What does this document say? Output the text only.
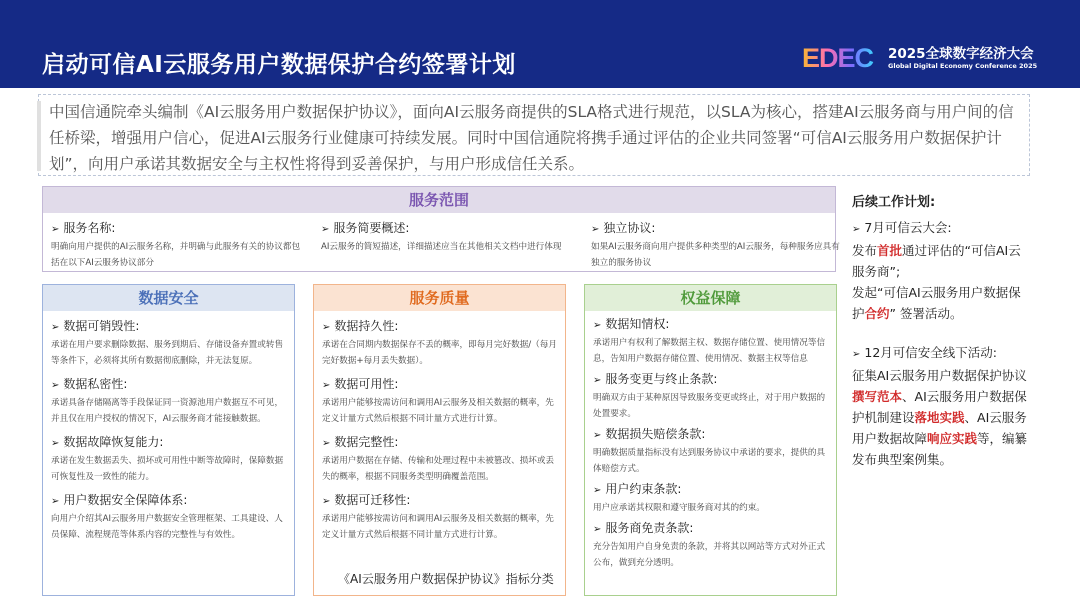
启动可信AI云服务用户数据保护合约签署计划	EDEC 2025全球数字经济大会
Global Digital Economy Conference 2025
中国信通院牵头编制《AI云服务用户数据保护协议》，面向AI云服务商提供的SLA格式进行规范，以SLA为核心，搭建AI云服务商与用户间的信任桥梁，增强用户信心，促进AI云服务行业健康可持续发展。同时中国信通院将携手通过评估的企业共同签署“可信AI云服务用户数据保护计划”，向用户承诺其数据安全与主权性将得到妥善保护，与用户形成信任关系。
服务范围
➢ 服务名称:
明确向用户提供的AI云服务名称，并明确与此服务有关的协议都包括在以下AI云服务协议部分
➢ 服务简要概述:
AI云服务的简短描述，详细描述应当在其他相关文档中进行体现
➢ 独立协议:
如果AI云服务商向用户提供多种类型的AI云服务，每种服务应具有独立的服务协议
数据安全
➢ 数据可销毁性:
承诺在用户要求删除数据、服务到期后、存储设备弃置或转售等条件下，必须将其所有数据彻底删除，并无法复原。
➢ 数据私密性:
承诺具备存储隔离等手段保证同一资源池用户数据互不可见，并且仅在用户授权的情况下，AI云服务商才能接触数据。
➢ 数据故障恢复能力:
承诺在发生数据丢失、损坏或可用性中断等故障时，保障数据可恢复性及一致性的能力。
➢ 用户数据安全保障体系:
向用户介绍其AI云服务用户数据安全管理框架、工具建设、人员保障、流程规范等体系内容的完整性与有效性。
服务质量
➢ 数据持久性:
承诺在合同期内数据保存不丢的概率，即每月完好数据/（每月完好数据+每月丢失数据）。
➢ 数据可用性:
承诺用户能够按需访问和调用AI云服务及相关数据的概率，先定义计量方式然后根据不同计量方式进行计算。
➢ 数据完整性:
承诺用户数据在存储、传输和处理过程中未被篡改、损坏或丢失的概率，根据不同服务类型明确覆盖范围。
➢ 数据可迁移性:
承诺用户能够按需访问和调用AI云服务及相关数据的概率，先定义计量方式然后根据不同计量方式进行计算。
权益保障
➢ 数据知情权:
承诺用户有权利了解数据主权、数据存储位置、使用情况等信息，告知用户数据存储位置、使用情况、数据主权等信息
➢ 服务变更与终止条款:
明确双方由于某种原因导致服务变更或终止，对于用户数据的处置要求。
➢ 数据损失赔偿条款:
明确数据质量指标没有达到服务协议中承诺的要求，提供的具体赔偿方式。
➢ 用户约束条款:
用户应承诺其权限和遵守服务商对其的约束。
➢ 服务商免责条款:
充分告知用户自身免责的条款，并将其以网站等方式对外正式公布，做到充分透明。
《AI云服务用户数据保护协议》指标分类
后续工作计划:

➢ 7月可信云大会:

发布首批通过评估的“可信AI云服务商”;

发起“可信AI云服务用户数据保护合约” 签署活动。

➢ 12月可信安全线下活动:

征集AI云服务用户数据保护协议撰写范本、AI云服务用户数据保护机制建设落地实践、AI云服务用户数据故障响应实践等，编纂发布典型案例集。
